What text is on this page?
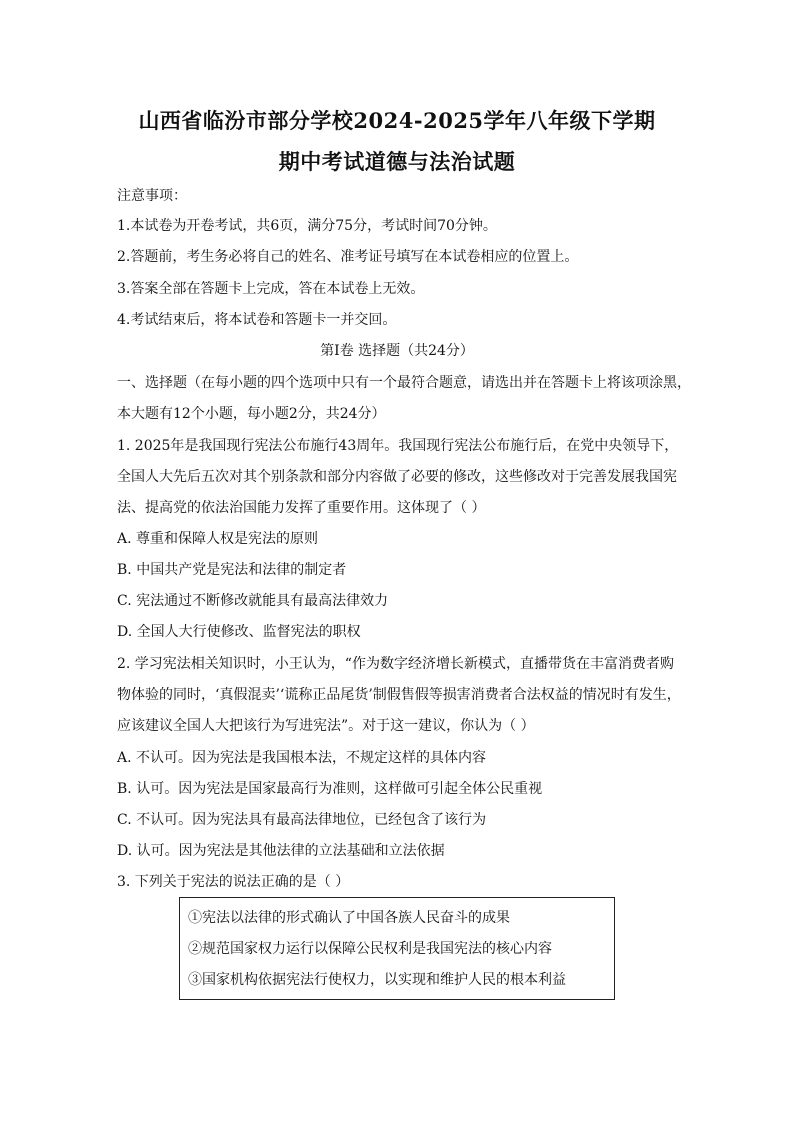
山西省临汾市部分学校2024-2025学年八年级下学期
期中考试道德与法治试题
注意事项：
1.本试卷为开卷考试，共6页，满分75分，考试时间70分钟。
2.答题前，考生务必将自己的姓名、准考证号填写在本试卷相应的位置上。
3.答案全部在答题卡上完成，答在本试卷上无效。
4.考试结束后，将本试卷和答题卡一并交回。
第Ⅰ卷 选择题（共24分）
一、选择题（在每小题的四个选项中只有一个最符合题意，请选出并在答题卡上将该项涂黑，
本大题有12个小题，每小题2分，共24分）
1. 2025年是我国现行宪法公布施行43周年。我国现行宪法公布施行后，在党中央领导下，
全国人大先后五次对其个别条款和部分内容做了必要的修改，这些修改对于完善发展我国宪
法、提高党的依法治国能力发挥了重要作用。这体现了（ ）
A. 尊重和保障人权是宪法的原则
B. 中国共产党是宪法和法律的制定者
C. 宪法通过不断修改就能具有最高法律效力
D. 全国人大行使修改、监督宪法的职权
2. 学习宪法相关知识时，小王认为，“作为数字经济增长新模式，直播带货在丰富消费者购
物体验的同时，‘真假混卖’‘谎称正品尾货’制假售假等损害消费者合法权益的情况时有发生，
应该建议全国人大把该行为写进宪法”。对于这一建议，你认为（ ）
A. 不认可。因为宪法是我国根本法，不规定这样的具体内容
B. 认可。因为宪法是国家最高行为准则，这样做可引起全体公民重视
C. 不认可。因为宪法具有最高法律地位，已经包含了该行为
D. 认可。因为宪法是其他法律的立法基础和立法依据
3. 下列关于宪法的说法正确的是（ ）
①宪法以法律的形式确认了中国各族人民奋斗的成果
②规范国家权力运行以保障公民权利是我国宪法的核心内容
③国家机构依据宪法行使权力，以实现和维护人民的根本利益
